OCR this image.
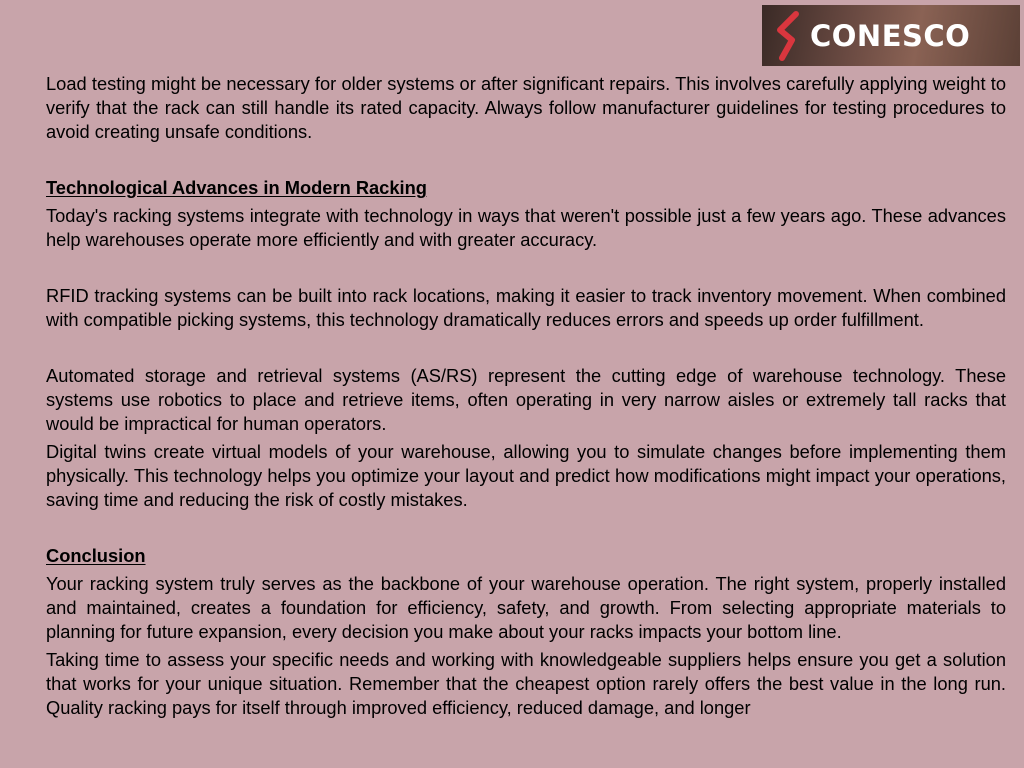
CONESCO

Load testing might be necessary for older systems or after significant repairs. This involves carefully applying weight to verify that the rack can still handle its rated capacity. Always follow manufacturer guidelines for testing procedures to avoid creating unsafe conditions.

Technological Advances in Modern Racking

Today's racking systems integrate with technology in ways that weren't possible just a few years ago. These advances help warehouses operate more efficiently and with greater accuracy.

RFID tracking systems can be built into rack locations, making it easier to track inventory movement. When combined with compatible picking systems, this technology dramatically reduces errors and speeds up order fulfillment.

Automated storage and retrieval systems (AS/RS) represent the cutting edge of warehouse technology. These systems use robotics to place and retrieve items, often operating in very narrow aisles or extremely tall racks that would be impractical for human operators.

Digital twins create virtual models of your warehouse, allowing you to simulate changes before implementing them physically. This technology helps you optimize your layout and predict how modifications might impact your operations, saving time and reducing the risk of costly mistakes.

Conclusion

Your racking system truly serves as the backbone of your warehouse operation. The right system, properly installed and maintained, creates a foundation for efficiency, safety, and growth. From selecting appropriate materials to planning for future expansion, every decision you make about your racks impacts your bottom line.

Taking time to assess your specific needs and working with knowledgeable suppliers helps ensure you get a solution that works for your unique situation. Remember that the cheapest option rarely offers the best value in the long run. Quality racking pays for itself through improved efficiency, reduced damage, and longer
